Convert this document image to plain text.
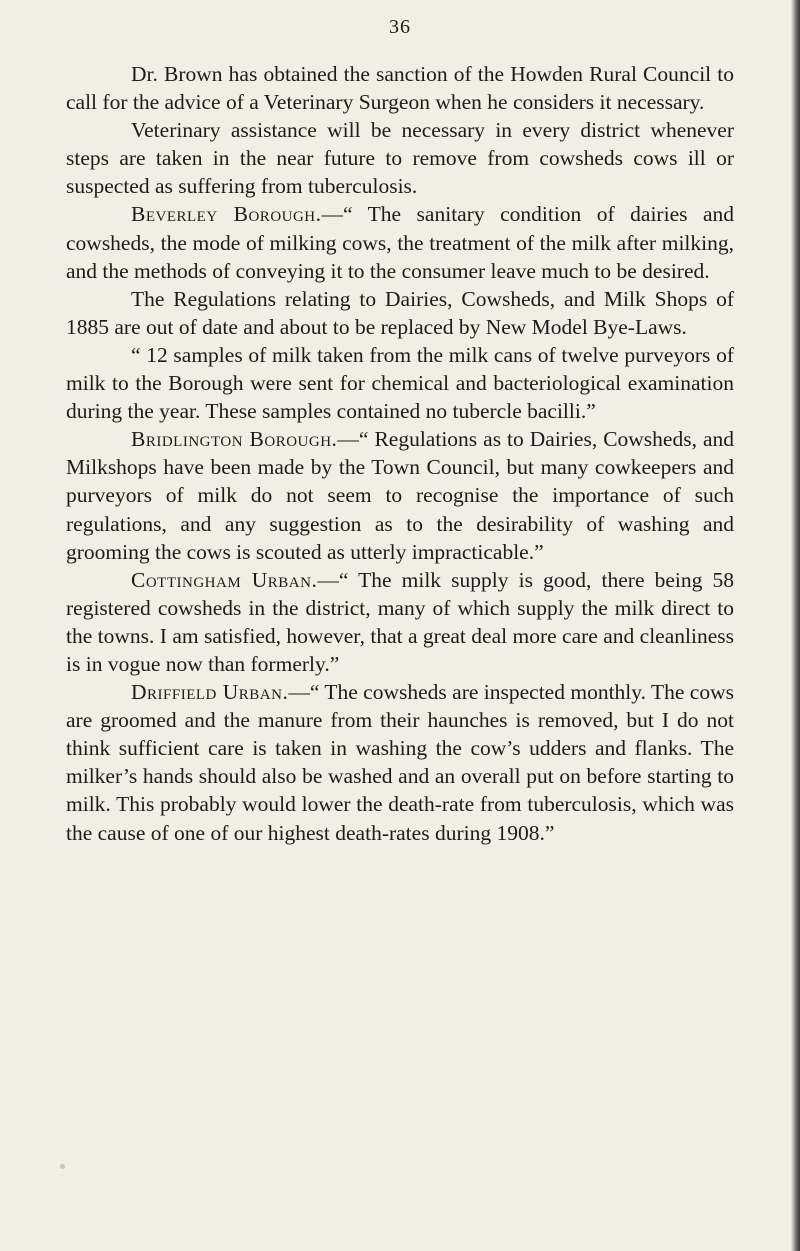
36

Dr. Brown has obtained the sanction of the Howden Rural Council to call for the advice of a Veterinary Surgeon when he considers it necessary.

Veterinary assistance will be necessary in every district whenever steps are taken in the near future to remove from cowsheds cows ill or suspected as suffering from tuberculosis.

Beverley Borough.—“ The sanitary condition of dairies and cowsheds, the mode of milking cows, the treatment of the milk after milking, and the methods of conveying it to the consumer leave much to be desired.

The Regulations relating to Dairies, Cowsheds, and Milk Shops of 1885 are out of date and about to be replaced by New Model Bye-Laws.

“ 12 samples of milk taken from the milk cans of twelve purveyors of milk to the Borough were sent for chemical and bacteriological examination during the year. These samples contained no tubercle bacilli.”

Bridlington Borough.—“ Regulations as to Dairies, Cowsheds, and Milkshops have been made by the Town Council, but many cowkeepers and purveyors of milk do not seem to recognise the importance of such regulations, and any suggestion as to the desirability of washing and grooming the cows is scouted as utterly impracticable.”

Cottingham Urban.—“ The milk supply is good, there being 58 registered cowsheds in the district, many of which supply the milk direct to the towns. I am satisfied, however, that a great deal more care and cleanliness is in vogue now than formerly.”

Driffield Urban.—“ The cowsheds are inspected monthly. The cows are groomed and the manure from their haunches is removed, but I do not think sufficient care is taken in washing the cow’s udders and flanks. The milker’s hands should also be washed and an overall put on before starting to milk. This probably would lower the death-rate from tuberculosis, which was the cause of one of our highest death-rates during 1908.”
